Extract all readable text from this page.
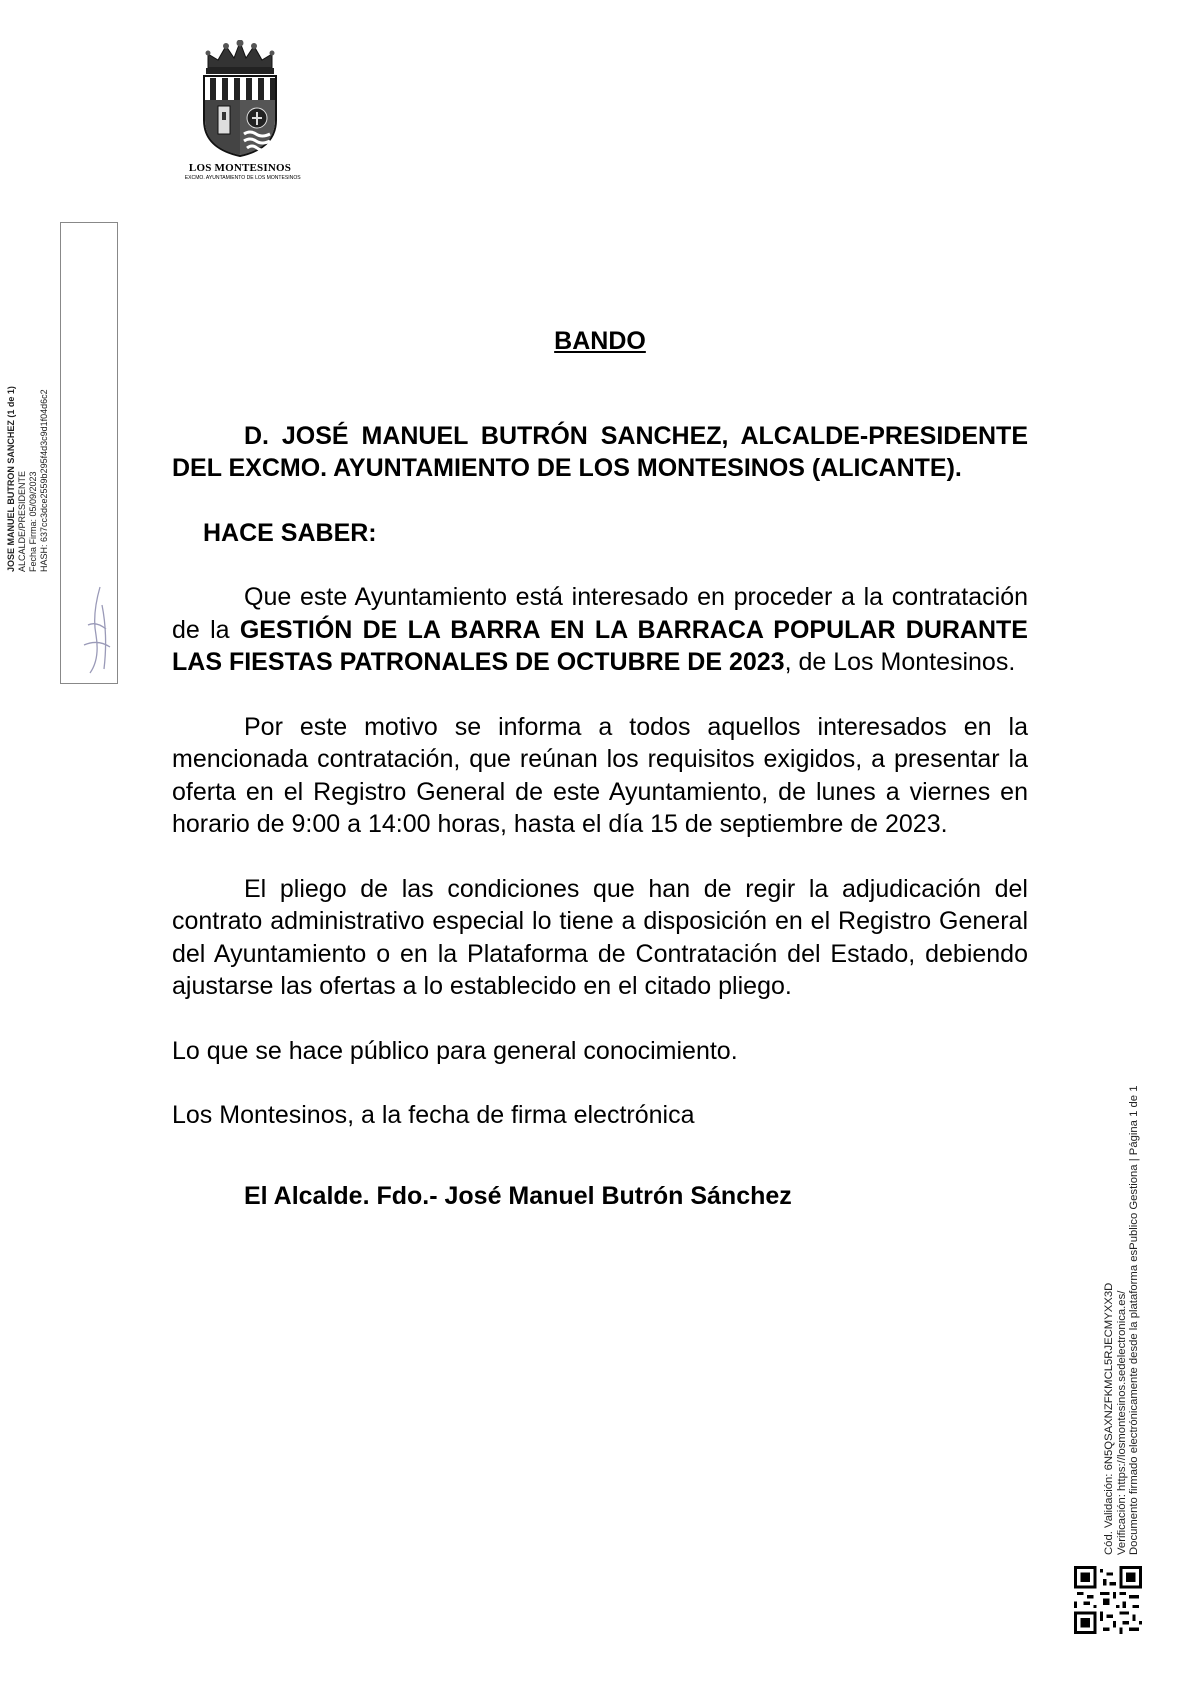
LOS MONTESINOS
EXCMO. AYUNTAMIENTO DE LOS MONTESINOS
JOSE MANUEL BUTRON SANCHEZ (1 de 1) ALCALDE/PRESIDENTE Fecha Firma: 05/09/2023 HASH: 637cc3dce2559b295f4d3c9d1f04d6c2

BANDO

D. JOSÉ MANUEL BUTRÓN SANCHEZ, ALCALDE-PRESIDENTE DEL EXCMO. AYUNTAMIENTO DE LOS MONTESINOS (ALICANTE).

HACE SABER:

Que este Ayuntamiento está interesado en proceder a la contratación de la GESTIÓN DE LA BARRA EN LA BARRACA POPULAR DURANTE LAS FIESTAS PATRONALES DE OCTUBRE DE 2023, de Los Montesinos.

Por este motivo se informa a todos aquellos interesados en la mencionada contratación, que reúnan los requisitos exigidos, a presentar la oferta en el Registro General de este Ayuntamiento, de lunes a viernes en horario de 9:00 a 14:00 horas, hasta el día 15 de septiembre de 2023.

El pliego de las condiciones que han de regir la adjudicación del contrato administrativo especial lo tiene a disposición en el Registro General del Ayuntamiento o en la Plataforma de Contratación del Estado, debiendo ajustarse las ofertas a lo establecido en el citado pliego.

Lo que se hace público para general conocimiento.

Los Montesinos, a la fecha de firma electrónica

El Alcalde. Fdo.- José Manuel Butrón Sánchez

Cód. Validación: 6N5QSAXNZFKMCL5RJECMYXX3D Verificación: https://losmontesinos.sedelectronica.es/ Documento firmado electrónicamente desde la plataforma esPublico Gestiona | Página 1 de 1
